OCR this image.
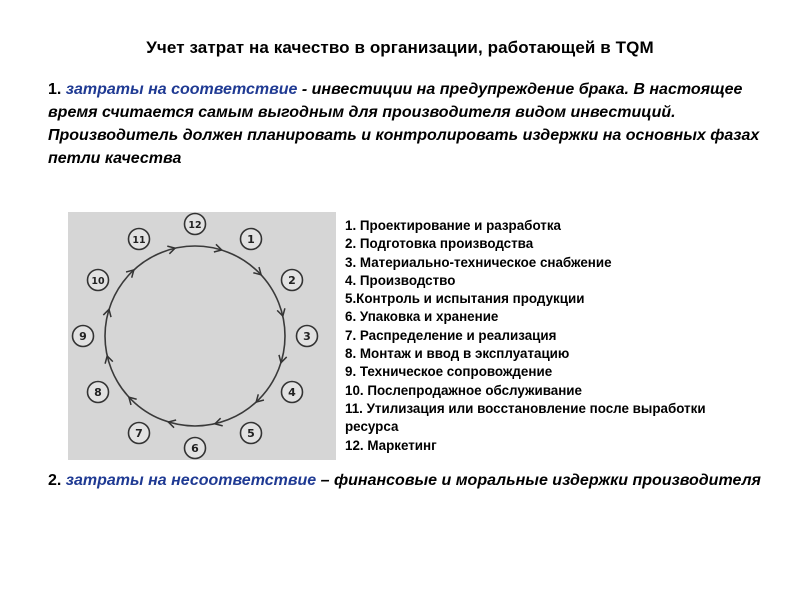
Учет затрат на качество в организации, работающей в TQM
1. затраты на соответствие - инвестиции на предупреждение брака. В настоящее время считается самым выгодным для производителя видом инвестиций. Производитель должен планировать и контролировать издержки на основных фазах петли качества
1
2
3
4
5
6
7
8
9
10
11
12	1. Проектирование и разработка
2. Подготовка производства
3. Материально-техническое снабжение
4. Производство
5.Контроль и испытания продукции
6. Упаковка и хранение
7. Распределение и реализация
8. Монтаж и ввод в эксплуатацию
9. Техническое сопровождение
10. Послепродажное обслуживание
11. Утилизация или восстановление после выработки ресурса
12. Маркетинг
2. затраты на несоответствие – финансовые и моральные издержки производителя
